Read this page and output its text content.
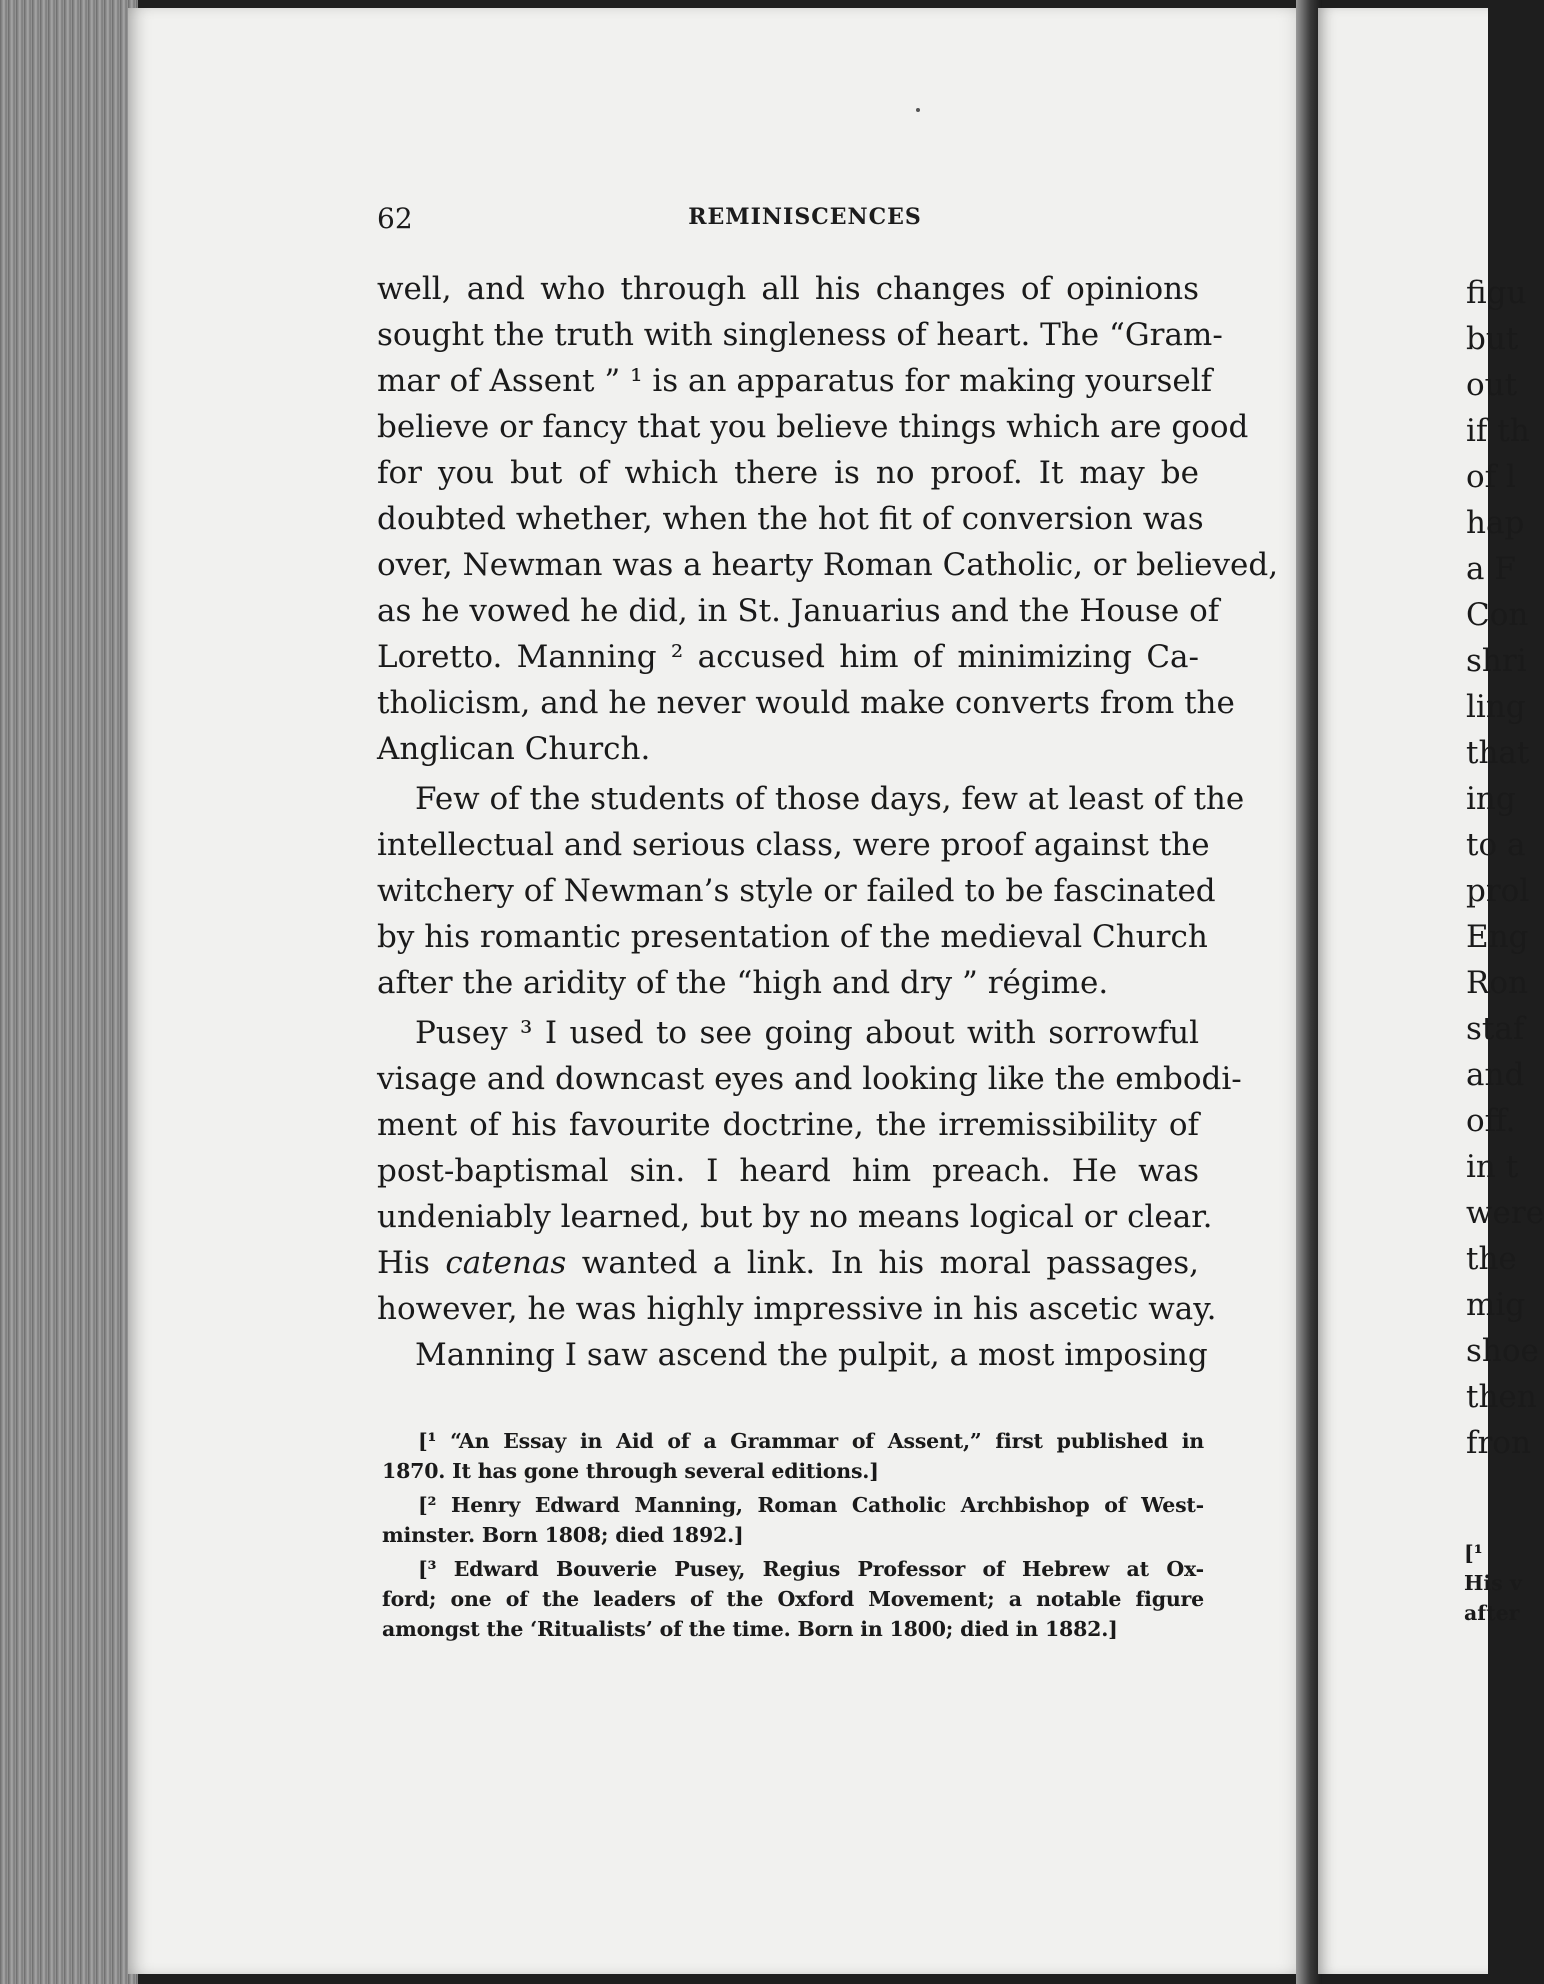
62	REMINISCENCES
well, and who through all his changes of opinions
sought the truth with singleness of heart. The “Gram-
mar of Assent ” ¹ is an apparatus for making yourself
believe or fancy that you believe things which are good
for you but of which there is no proof. It may be
doubted whether, when the hot fit of conversion was
over, Newman was a hearty Roman Catholic, or believed,
as he vowed he did, in St. Januarius and the House of
Loretto. Manning ² accused him of minimizing Ca-
tholicism, and he never would make converts from the
Anglican Church.
Few of the students of those days, few at least of the
intellectual and serious class, were proof against the
witchery of Newman’s style or failed to be fascinated
by his romantic presentation of the medieval Church
after the aridity of the “high and dry ” régime.
Pusey ³ I used to see going about with sorrowful
visage and downcast eyes and looking like the embodi-
ment of his favourite doctrine, the irremissibility of
post-baptismal sin. I heard him preach. He was
undeniably learned, but by no means logical or clear.
His catenas wanted a link. In his moral passages,
however, he was highly impressive in his ascetic way.
Manning I saw ascend the pulpit, a most imposing
[¹ “An Essay in Aid of a Grammar of Assent,” first published in
1870. It has gone through several editions.]
[² Henry Edward Manning, Roman Catholic Archbishop of West-
minster. Born 1808; died 1892.]
[³ Edward Bouverie Pusey, Regius Professor of Hebrew at Ox-
ford; one of the leaders of the Oxford Movement; a notable figure
amongst the ‘Ritualists’ of the time. Born in 1800; died in 1882.]
figu
but
out
if th
of l
hap
a F
Con
shri
ling
that
ing
to a
prol
Eng
Ron
staf
and
off.
in t
were
the
mig
shoe
then
fron
[¹
His v
after
